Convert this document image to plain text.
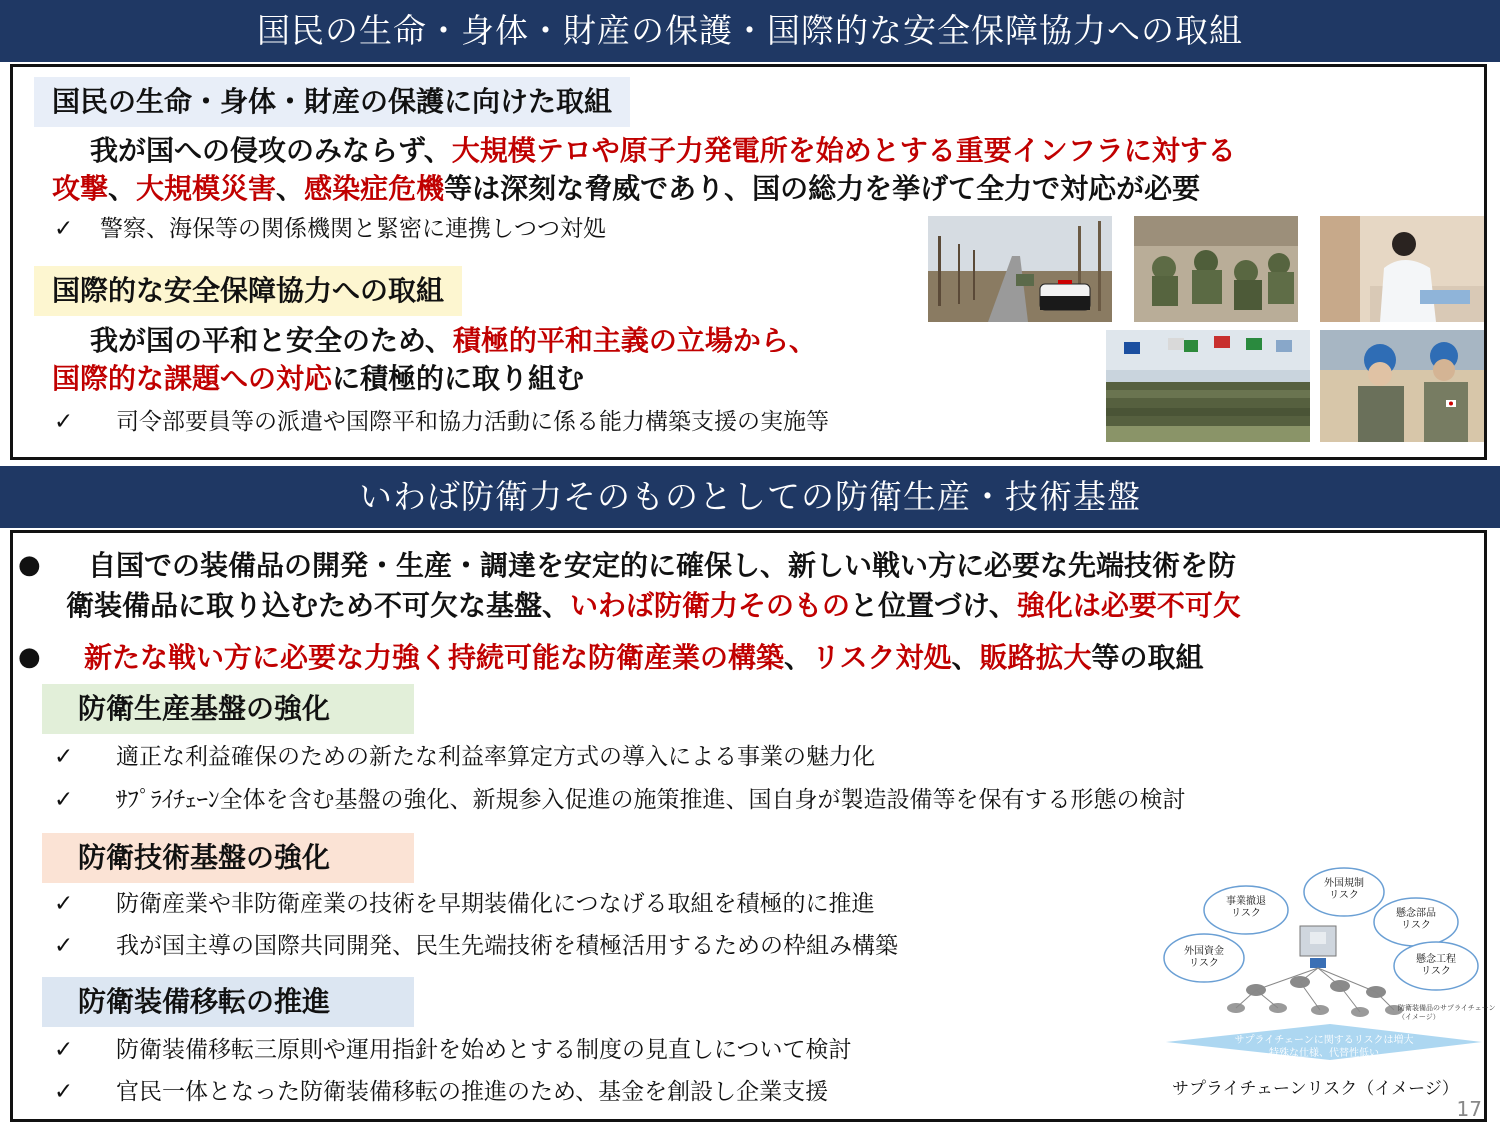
国民の生命・身体・財産の保護・国際的な安全保障協力への取組
国民の生命・身体・財産の保護に向けた取組
我が国への侵攻のみならず、大規模テロや原子力発電所を始めとする重要インフラに対する
攻撃、大規模災害、感染症危機等は深刻な脅威であり、国の総力を挙げて全力で対応が必要
✓ 警察、海保等の関係機関と緊密に連携しつつ対処
国際的な安全保障協力への取組
我が国の平和と安全のため、積極的平和主義の立場から、
国際的な課題への対応に積極的に取り組む
✓ 司令部要員等の派遣や国際平和協力活動に係る能力構築支援の実施等
いわば防衛力そのものとしての防衛生産・技術基盤
● 自国での装備品の開発・生産・調達を安定的に確保し、新しい戦い方に必要な先端技術を防
衛装備品に取り込むため不可欠な基盤、いわば防衛力そのものと位置づけ、強化は必要不可欠
● 新たな戦い方に必要な力強く持続可能な防衛産業の構築、リスク対処、販路拡大等の取組
防衛生産基盤の強化
✓ 適正な利益確保のための新たな利益率算定方式の導入による事業の魅力化
✓ ｻﾌﾟﾗｲﾁｪｰﾝ全体を含む基盤の強化、新規参入促進の施策推進、国自身が製造設備等を保有する形態の検討
防衛技術基盤の強化
✓ 防衛産業や非防衛産業の技術を早期装備化につなげる取組を積極的に推進
✓ 我が国主導の国際共同開発、民生先端技術を積極活用するための枠組み構築
防衛装備移転の推進
✓ 防衛装備移転三原則や運用指針を始めとする制度の見直しについて検討
✓ 官民一体となった防衛装備移転の推進のため、基金を創設し企業支援
事業撤退
リスク
外国規制
リスク
懸念部品
リスク
外国資金
リスク	懸念工程
リスク
防衛装備品のサプライチェーン
（イメージ）
サプライチェーンに関するリスクは増大
特殊な仕様、代替性低い
サプライチェーンリスク（イメージ）
17
